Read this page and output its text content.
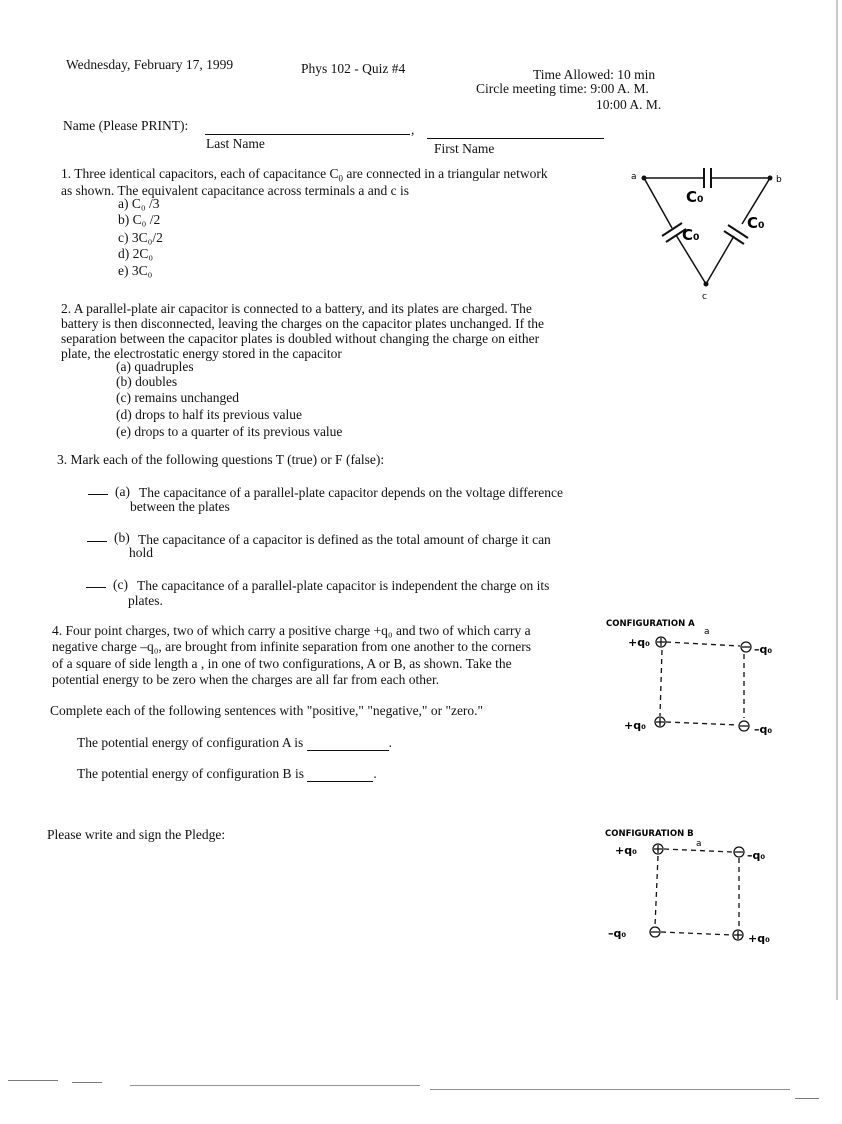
Wednesday, February 17, 1999	Phys 102 - Quiz #4	Time Allowed: 10 min
Circle meeting time: 9:00 A. M.
10:00 A. M.
Name (Please PRINT):	,
Last Name	First Name
1. Three identical capacitors, each of capacitance $C_0$ are connected in a triangular network
as shown. The equivalent capacitance across terminals a and c is
a) C₀ /3
b) C₀ /2
c) 3C₀/2
d) 2C₀
e) 3C₀
a	b
c
C₀
C₀
C₀
2. A parallel-plate air capacitor is connected to a battery, and its plates are charged. The
battery is then disconnected, leaving the charges on the capacitor plates unchanged. If the
separation between the capacitor plates is doubled without changing the charge on either
plate, the electrostatic energy stored in the capacitor
(a) quadruples
(b) doubles
(c) remains unchanged
(d) drops to half its previous value
(e) drops to a quarter of its previous value
3. Mark each of the following questions T (true) or F (false):
(a) The capacitance of a parallel-plate capacitor depends on the voltage difference
between the plates
(b) The capacitance of a capacitor is defined as the total amount of charge it can
hold
(c) The capacitance of a parallel-plate capacitor is independent the charge on its
plates.
4. Four point charges, two of which carry a positive charge +q₀ and two of which carry a
negative charge –q₀, are brought from infinite separation from one another to the corners
of a square of side length a , in one of two configurations, A or B, as shown. Take the
potential energy to be zero when the charges are all far from each other.
Complete each of the following sentences with "positive," "negative," or "zero."
The potential energy of configuration A is	.
The potential energy of configuration B is	.
Please write and sign the Pledge:
CONFIGURATION A
a
+q₀
–q₀
+q₀	–q₀
CONFIGURATION B
a
+q₀	–q₀
–q₀	+q₀
